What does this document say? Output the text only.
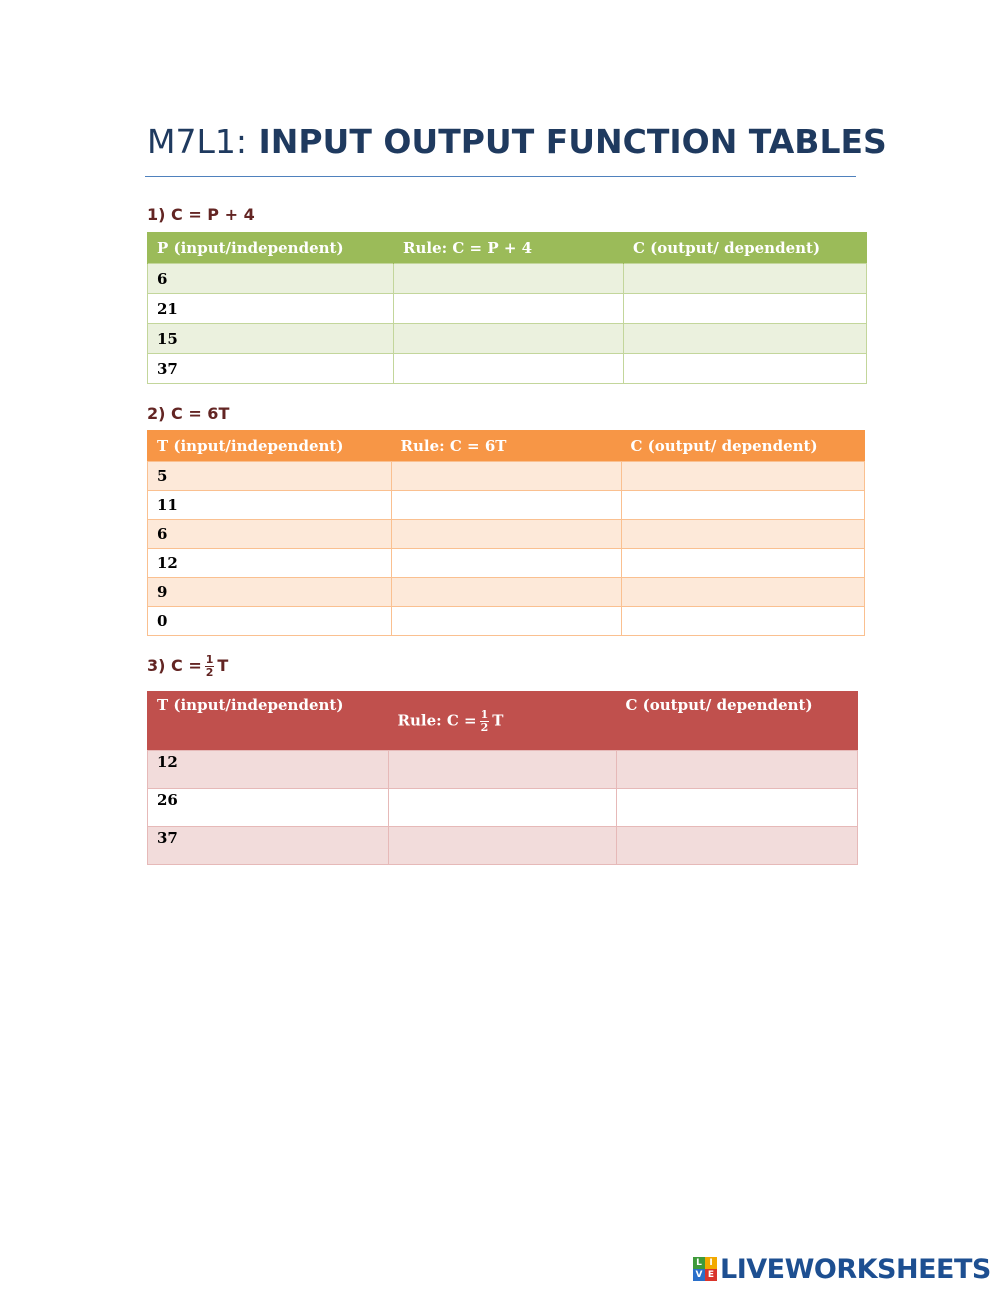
M7L1: INPUT OUTPUT FUNCTION TABLES
1) C = P + 4
P (input/independent)	Rule: C = P + 4	C (output/ dependent)
6		
21		
15		
37		
2) C = 6T
T (input/independent)	Rule: C = 6T	C (output/ dependent)
5		
11		
6		
12		
9		
0		
3) $C = \frac{1}{2}$ T
T (input/independent)	Rule: $C = \frac{1}{2}$ T	C (output/ dependent)
12		
26		
37		
L I
V E LIVEWORKSHEETS
